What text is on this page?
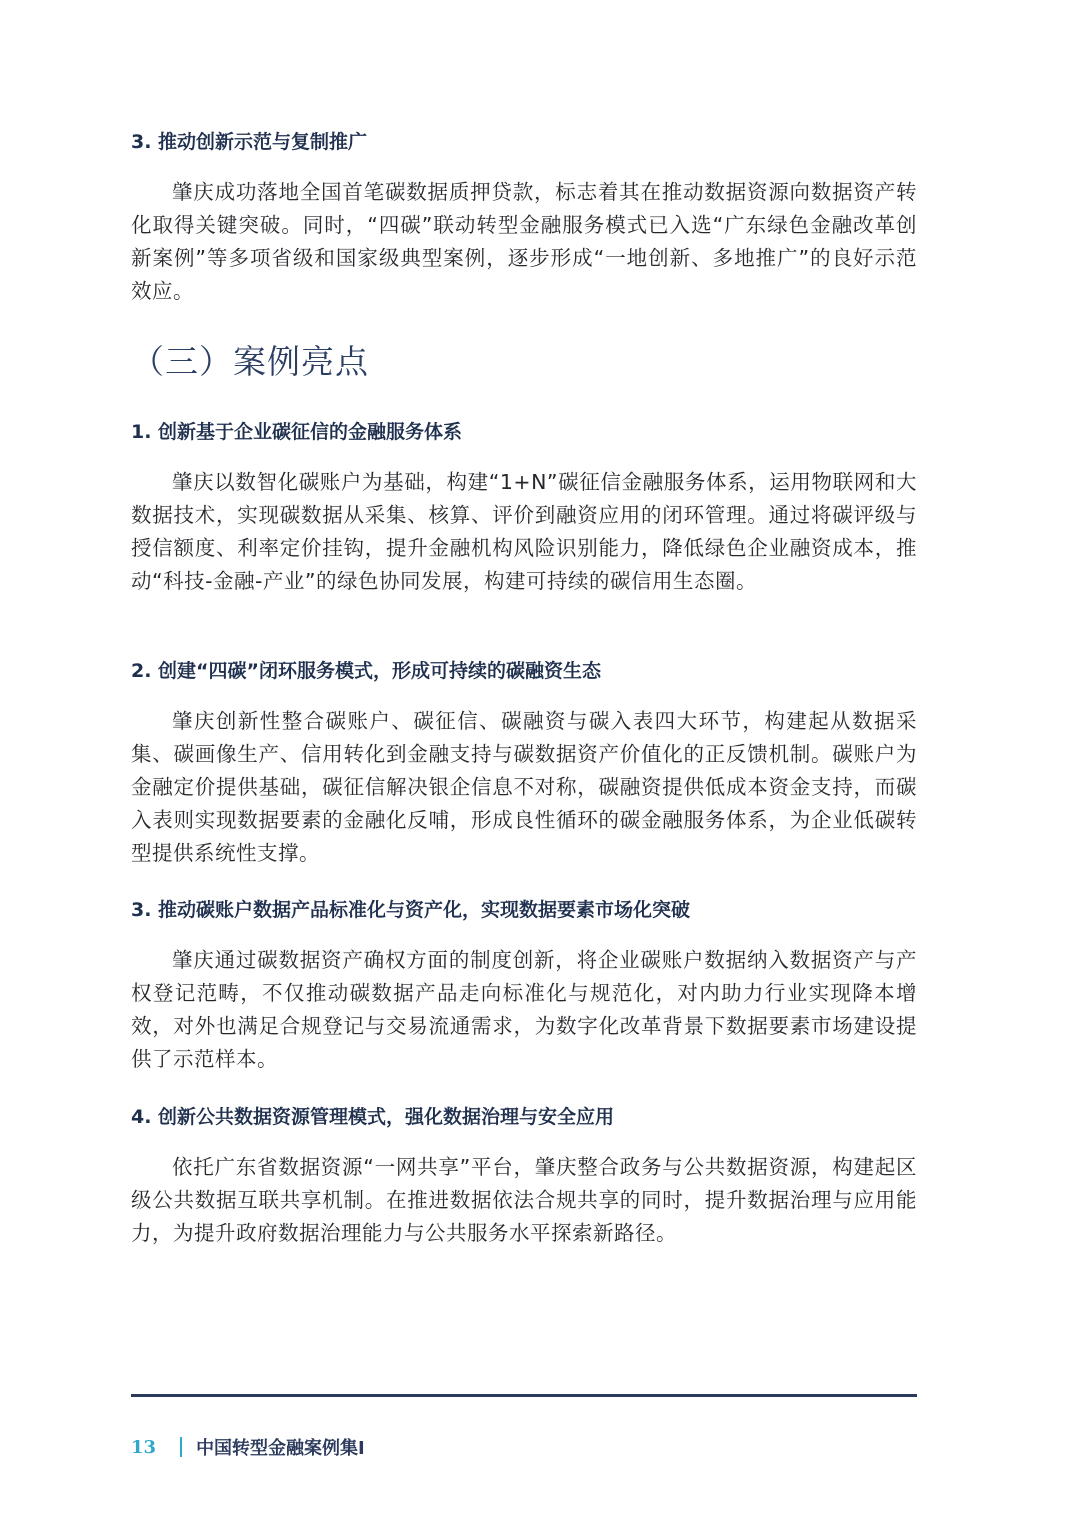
3. 推动创新示范与复制推广
肇庆成功落地全国首笔碳数据质押贷款，标志着其在推动数据资源向数据资产转化取得关键突破。同时，“四碳”联动转型金融服务模式已入选“广东绿色金融改革创新案例”等多项省级和国家级典型案例，逐步形成“一地创新、多地推广”的良好示范效应。
（三）案例亮点
1. 创新基于企业碳征信的金融服务体系
肇庆以数智化碳账户为基础，构建“1+N”碳征信金融服务体系，运用物联网和大数据技术，实现碳数据从采集、核算、评价到融资应用的闭环管理。通过将碳评级与授信额度、利率定价挂钩，提升金融机构风险识别能力，降低绿色企业融资成本，推动“科技-金融-产业”的绿色协同发展，构建可持续的碳信用生态圈。
2. 创建“四碳”闭环服务模式，形成可持续的碳融资生态
肇庆创新性整合碳账户、碳征信、碳融资与碳入表四大环节，构建起从数据采集、碳画像生产、信用转化到金融支持与碳数据资产价值化的正反馈机制。碳账户为金融定价提供基础，碳征信解决银企信息不对称，碳融资提供低成本资金支持，而碳入表则实现数据要素的金融化反哺，形成良性循环的碳金融服务体系，为企业低碳转型提供系统性支撑。
3. 推动碳账户数据产品标准化与资产化，实现数据要素市场化突破
肇庆通过碳数据资产确权方面的制度创新，将企业碳账户数据纳入数据资产与产权登记范畴，不仅推动碳数据产品走向标准化与规范化，对内助力行业实现降本增效，对外也满足合规登记与交易流通需求，为数字化改革背景下数据要素市场建设提供了示范样本。
4. 创新公共数据资源管理模式，强化数据治理与安全应用
依托广东省数据资源“一网共享”平台，肇庆整合政务与公共数据资源，构建起区级公共数据互联共享机制。在推进数据依法合规共享的同时，提升数据治理与应用能力，为提升政府数据治理能力与公共服务水平探索新路径。
13 中国转型金融案例集I
